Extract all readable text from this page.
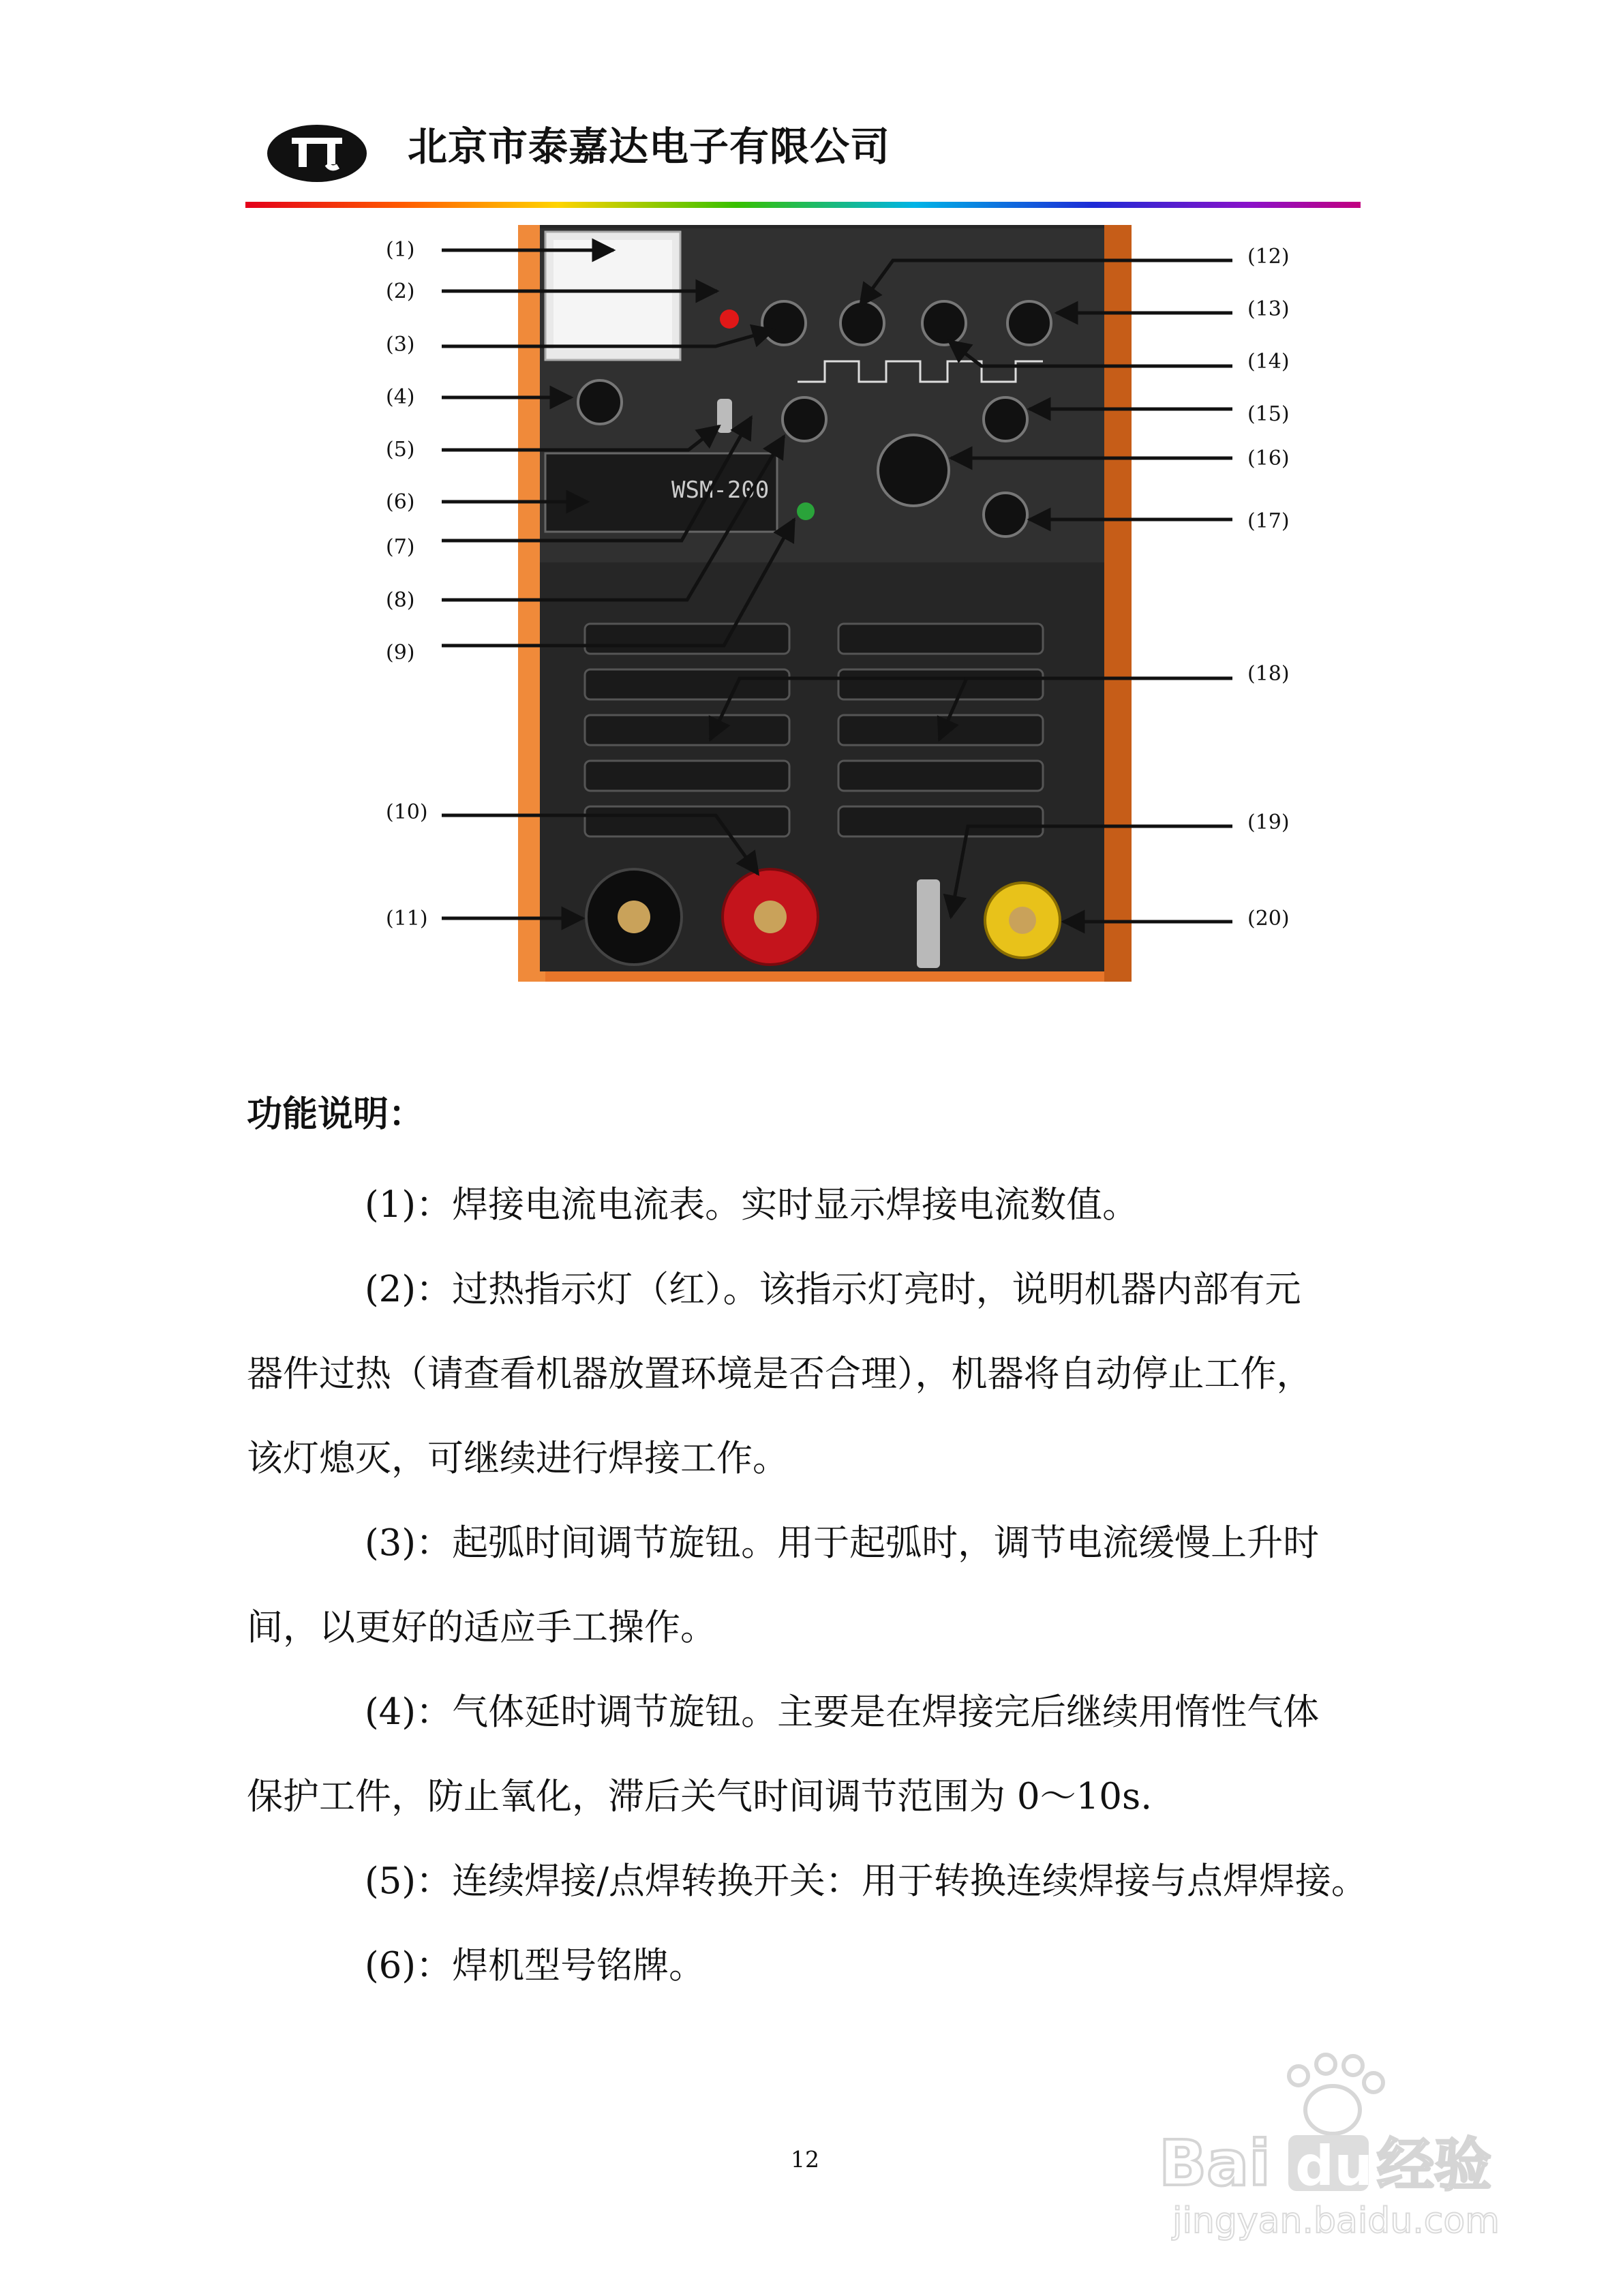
北京市泰嘉达电子有限公司
WSM-200
(1)
(2)
(3)
(4)
(5)
(6)
(7)
(8)
(9)
(10)
(11)
(12)
(13)
(14)
(15)
(16)
(17)
(18)
(19)
(20)
功能说明：
(1)：焊接电流电流表。实时显示焊接电流数值。
(2)：过热指示灯（红）。该指示灯亮时，说明机器内部有元
器件过热（请查看机器放置环境是否合理），机器将自动停止工作，
该灯熄灭，可继续进行焊接工作。
(3)：起弧时间调节旋钮。用于起弧时，调节电流缓慢上升时
间，以更好的适应手工操作。
(4)：气体延时调节旋钮。主要是在焊接完后继续用惰性气体
保护工件，防止氧化，滞后关气时间调节范围为 0～10s.
(5)：连续焊接/点焊转换开关：用于转换连续焊接与点焊焊接。
(6)：焊机型号铭牌。
12	Bai du 经验
jingyan.baidu.com
